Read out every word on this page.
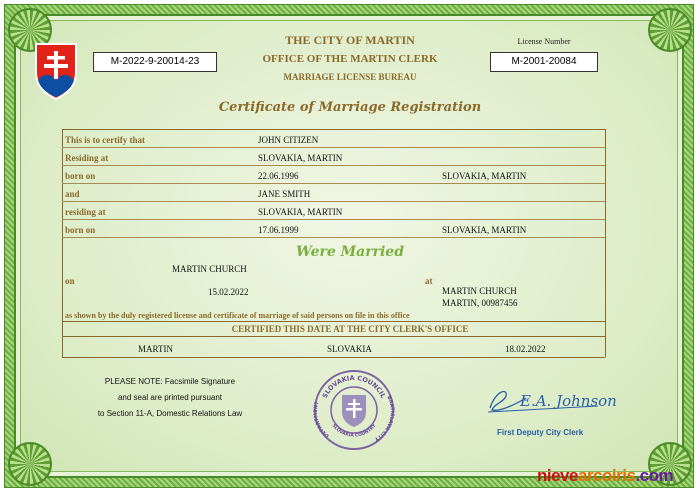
THE CITY OF MARTIN
OFFICE OF THE MARTIN CLERK
MARRIAGE LICENSE BUREAU
M-2022-9-20014-23
License Number
M-2001-20084
Certificate of Marriage Registration
This is to certify that	JOHN CITIZEN
Residing at	SLOVAKIA, MARTIN
born on	22.06.1996	SLOVAKIA, MARTIN
and	JANE SMITH
residing at	SLOVAKIA, MARTIN
born on	17.06.1999	SLOVAKIA, MARTIN
Were Married
MARTIN CHURCH
on	at
15.02.2022	MARTIN CHURCH
MARTIN, 00987456
as shown by the duly registered license and certificate of marriage of said persons on file in this office
CERTIFIED THIS DATE AT THE CITY CLERK'S OFFICE
MARTIN	SLOVAKIA	18.02.2022
PLEASE NOTE: Facsimile Signature
and seal are printed pursuant
to Section 11-A, Domestic Relations Law
SLOVAKIA COUNCIL
DEPARTMENT
BRATISLAVA CITY
SLOVAKIA COUNTRY
E.A. Johnson
First Deputy City Clerk
nievearcoiris.com
